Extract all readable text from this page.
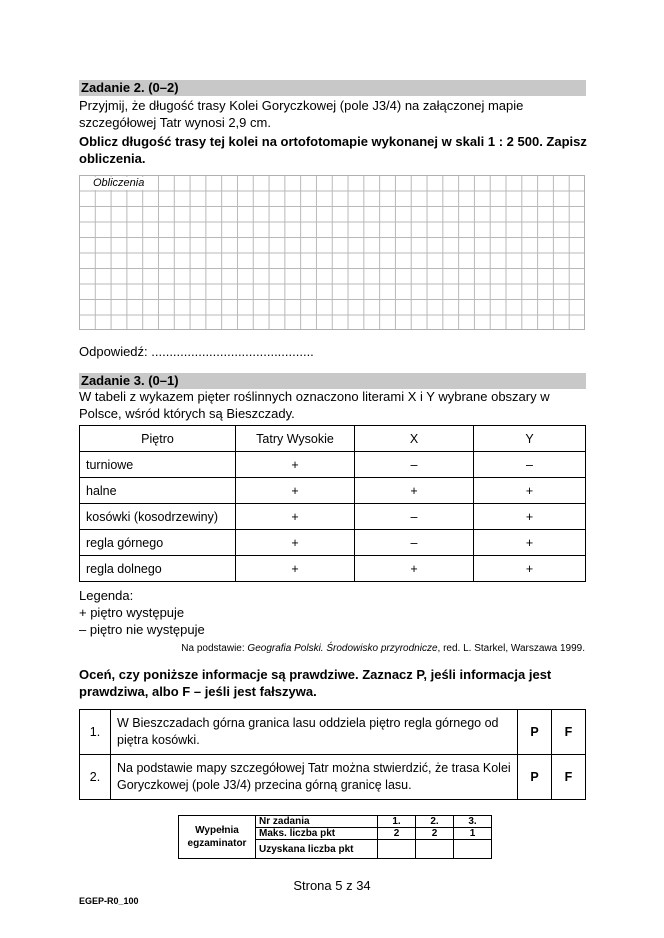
Zadanie 2. (0–2)
Przyjmij, że długość trasy Kolei Goryczkowej (pole J3/4) na załączonej mapie szczegółowej Tatr wynosi 2,9 cm.
Oblicz długość trasy tej kolei na ortofotomapie wykonanej w skali 1 : 2 500. Zapisz obliczenia.
Obliczenia
Odpowiedź: .............................................
Zadanie 3. (0–1)
W tabeli z wykazem pięter roślinnych oznaczono literami X i Y wybrane obszary w Polsce, wśród których są Bieszczady.
Piętro	Tatry Wysokie	X	Y
turniowe	+	–	–
halne	+	+	+
kosówki (kosodrzewiny)	+	–	+
regla górnego	+	–	+
regla dolnego	+	+	+
Legenda:
+ piętro występuje
– piętro nie występuje
Na podstawie: Geografia Polski. Środowisko przyrodnicze, red. L. Starkel, Warszawa 1999.
Oceń, czy poniższe informacje są prawdziwe. Zaznacz P, jeśli informacja jest prawdziwa, albo F – jeśli jest fałszywa.
1.	W Bieszczadach górna granica lasu oddziela piętro regla górnego od piętra kosówki.	P	F
2.	Na podstawie mapy szczegółowej Tatr można stwierdzić, że trasa Kolei Goryczkowej (pole J3/4) przecina górną granicę lasu.	P	F
Wypełnia egzaminator	Nr zadania	1.	2.	3.
	Maks. liczba pkt	2	2	1
	Uzyskana liczba pkt			
Strona 5 z 34
EGEP-R0_100
